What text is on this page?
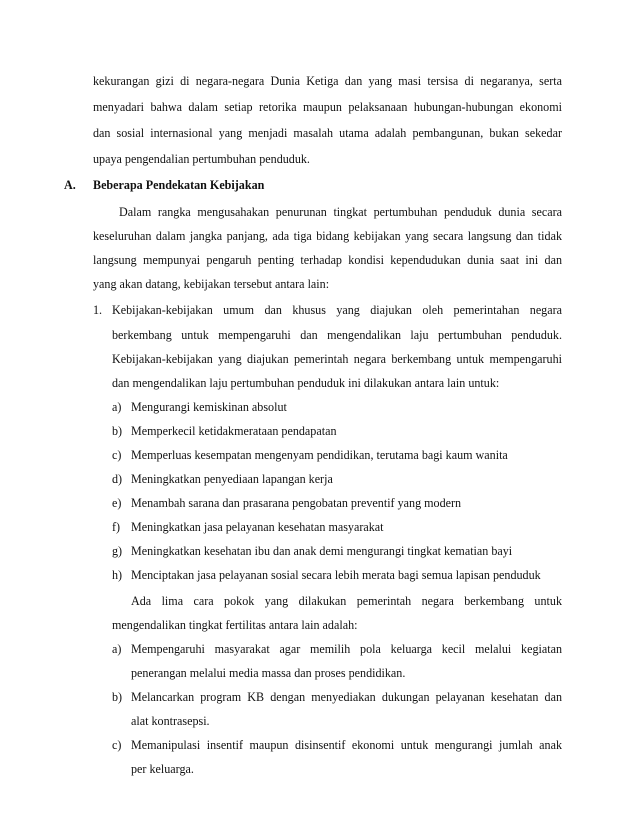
kekurangan gizi di negara-negara Dunia Ketiga dan yang masi tersisa di negaranya, serta
menyadari bahwa dalam setiap retorika maupun pelaksanaan hubungan-hubungan ekonomi
dan sosial internasional yang menjadi masalah utama adalah pembangunan, bukan sekedar
upaya pengendalian pertumbuhan penduduk.
A. Beberapa Pendekatan Kebijakan
Dalam rangka mengusahakan penurunan tingkat pertumbuhan penduduk dunia secara
keseluruhan dalam jangka panjang, ada tiga bidang kebijakan yang secara langsung dan tidak
langsung mempunyai pengaruh penting terhadap kondisi kependudukan dunia saat ini dan
yang akan datang, kebijakan tersebut antara lain:
1. Kebijakan-kebijakan umum dan khusus yang diajukan oleh pemerintahan negara
berkembang untuk mempengaruhi dan mengendalikan laju pertumbuhan penduduk.
Kebijakan-kebijakan yang diajukan pemerintah negara berkembang untuk mempengaruhi
dan mengendalikan laju pertumbuhan penduduk ini dilakukan antara lain untuk:
a) Mengurangi kemiskinan absolut
b) Memperkecil ketidakmerataan pendapatan
c) Memperluas kesempatan mengenyam pendidikan, terutama bagi kaum wanita
d) Meningkatkan penyediaan lapangan kerja
e) Menambah sarana dan prasarana pengobatan preventif yang modern
f) Meningkatkan jasa pelayanan kesehatan masyarakat
g) Meningkatkan kesehatan ibu dan anak demi mengurangi tingkat kematian bayi
h) Menciptakan jasa pelayanan sosial secara lebih merata bagi semua lapisan penduduk
Ada lima cara pokok yang dilakukan pemerintah negara berkembang untuk
mengendalikan tingkat fertilitas antara lain adalah:
a) Mempengaruhi masyarakat agar memilih pola keluarga kecil melalui kegiatan
penerangan melalui media massa dan proses pendidikan.
b) Melancarkan program KB dengan menyediakan dukungan pelayanan kesehatan dan
alat kontrasepsi.
c) Memanipulasi insentif maupun disinsentif ekonomi untuk mengurangi jumlah anak
per keluarga.
